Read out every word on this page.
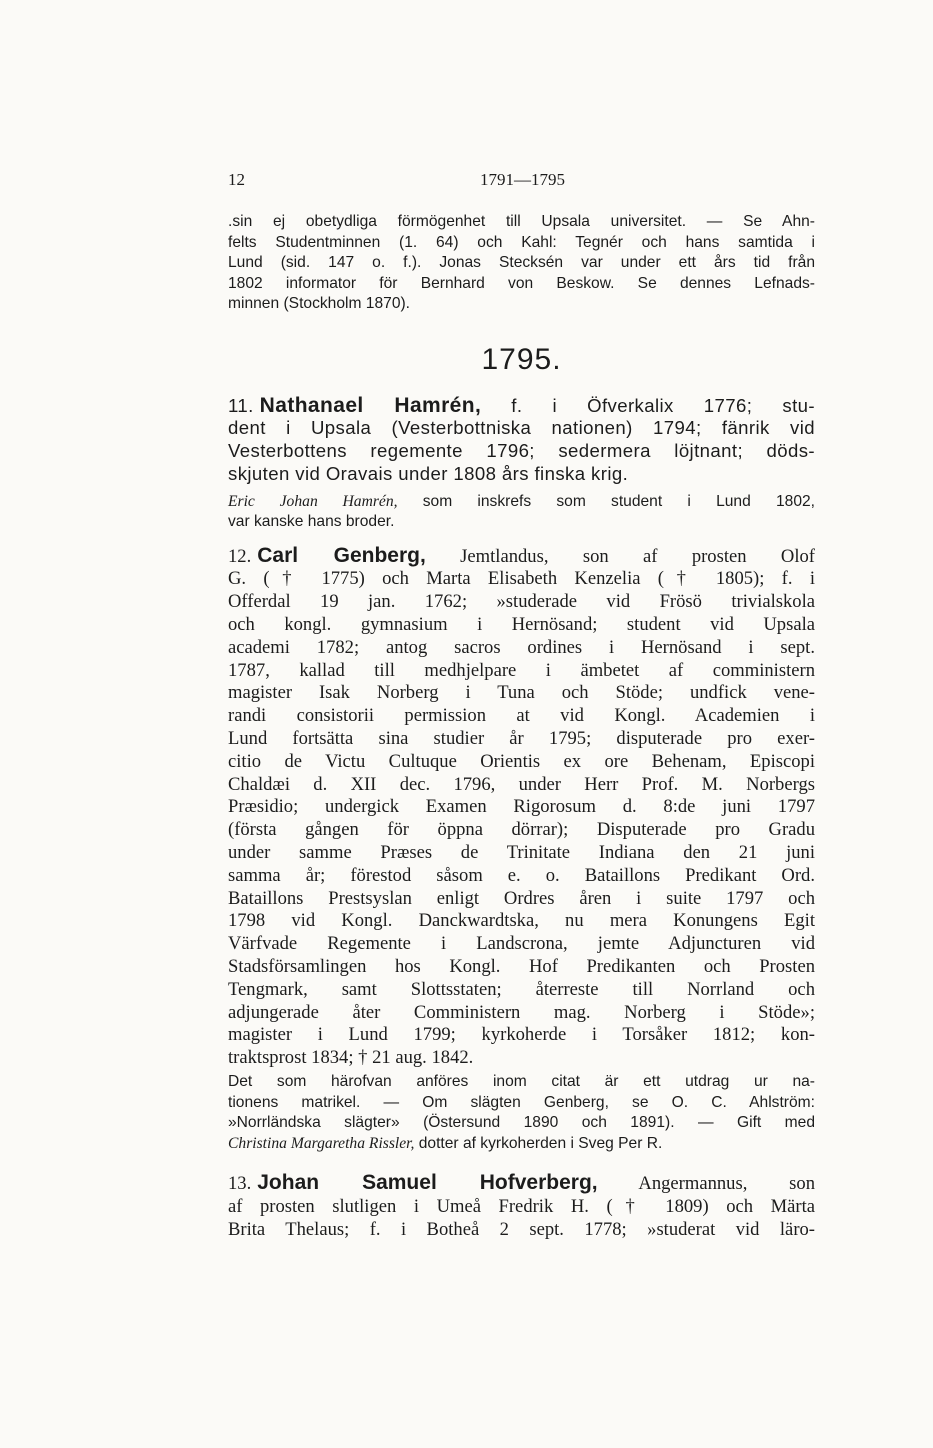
12	1791—1795

.sin ej obetydliga förmögenhet till Upsala universitet. — Se Ahn-
felts Studentminnen (1. 64) och Kahl: Tegnér och hans samtida i
Lund (sid. 147 o. f.). Jonas Stecksén var under ett års tid från
1802 informator för Bernhard von Beskow. Se dennes Lefnads-
minnen (Stockholm 1870).

1795.
11. Nathanael Hamrén, f. i Öfverkalix 1776; stu-
dent i Upsala (Vesterbottniska nationen) 1794; fänrik vid
Vesterbottens regemente 1796; sedermera löjtnant; döds-
skjuten vid Oravais under 1808 års finska krig.

Eric Johan Hamrén, som inskrefs som student i Lund 1802,
var kanske hans broder.

12. Carl Genberg, Jemtlandus, son af prosten Olof
G. († 1775) och Marta Elisabeth Kenzelia († 1805); f. i
Offerdal 19 jan. 1762; »studerade vid Frösö trivialskola
och kongl. gymnasium i Hernösand; student vid Upsala
academi 1782; antog sacros ordines i Hernösand i sept.
1787, kallad till medhjelpare i ämbetet af comministern
magister Isak Norberg i Tuna och Stöde; undfick vene-
randi consistorii permission at vid Kongl. Academien i
Lund fortsätta sina studier år 1795; disputerade pro exer-
citio de Victu Cultuque Orientis ex ore Behenam, Episcopi
Chaldæi d. XII dec. 1796, under Herr Prof. M. Norbergs
Præsidio; undergick Examen Rigorosum d. 8:de juni 1797
(första gången för öppna dörrar); Disputerade pro Gradu
under samme Præses de Trinitate Indiana den 21 juni
samma år; förestod såsom e. o. Bataillons Predikant Ord.
Bataillons Prestsyslan enligt Ordres åren i suite 1797 och
1798 vid Kongl. Danckwardtska, nu mera Konungens Egit
Värfvade Regemente i Landscrona, jemte Adjuncturen vid
Stadsförsamlingen hos Kongl. Hof Predikanten och Prosten
Tengmark, samt Slottsstaten; återreste till Norrland och
adjungerade åter Comministern mag. Norberg i Stöde»;
magister i Lund 1799; kyrkoherde i Torsåker 1812; kon-
traktsprost 1834; † 21 aug. 1842.

Det som härofvan anföres inom citat är ett utdrag ur na-
tionens matrikel. — Om slägten Genberg, se O. C. Ahlström:
»Norrländska slägter» (Östersund 1890 och 1891). — Gift med
Christina Margaretha Rissler, dotter af kyrkoherden i Sveg Per R.

13. Johan Samuel Hofverberg, Angermannus, son
af prosten slutligen i Umeå Fredrik H. († 1809) och Märta
Brita Thelaus; f. i Botheå 2 sept. 1778; »studerat vid läro-
